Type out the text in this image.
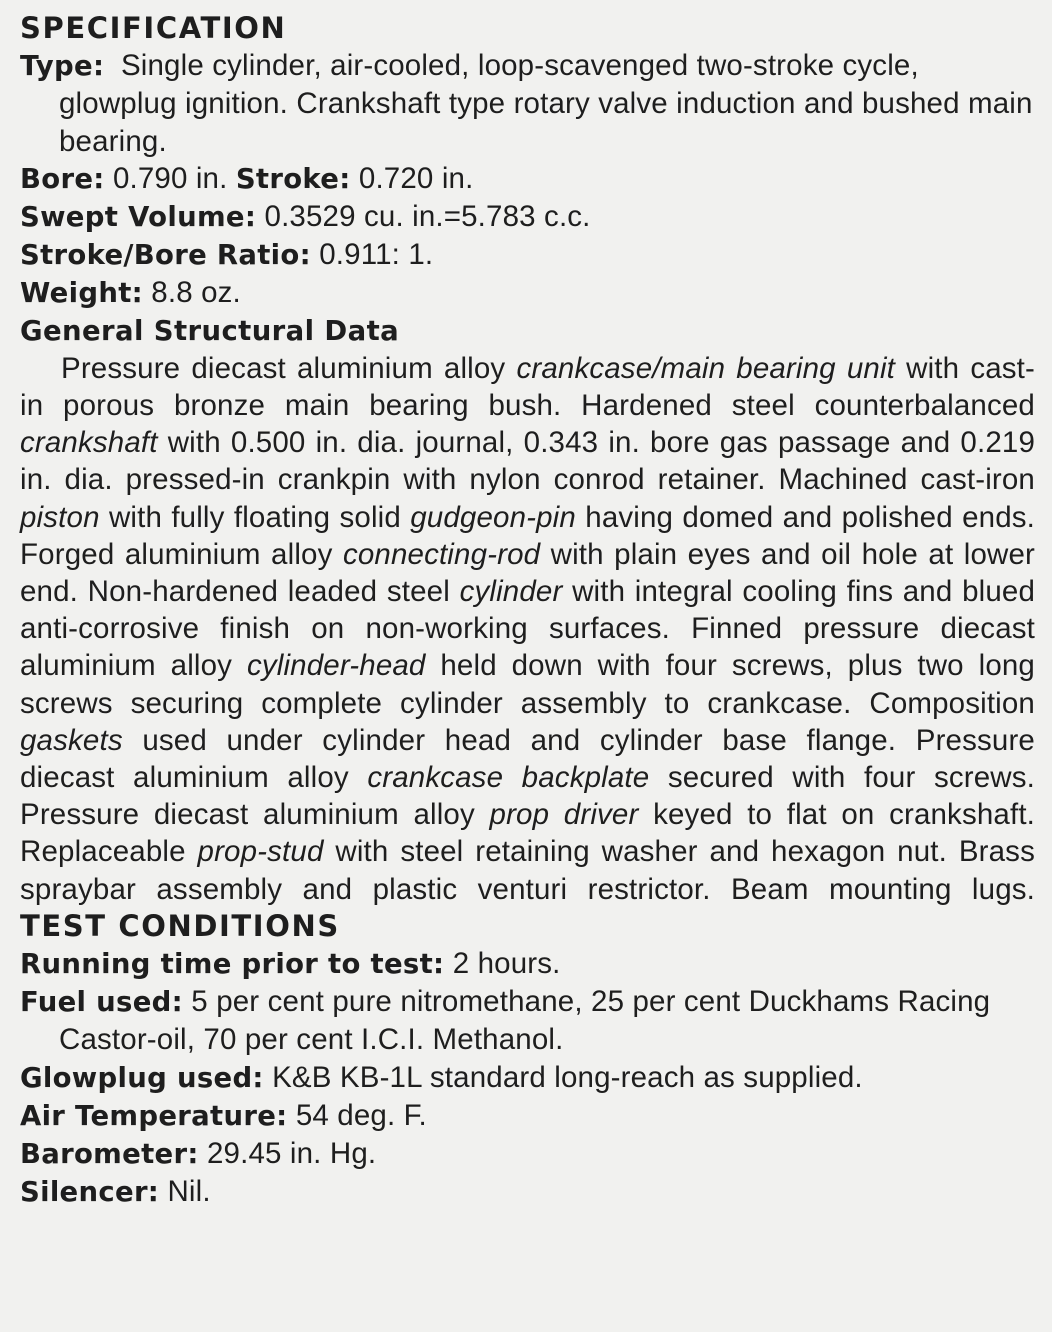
SPECIFICATION

Type: Single cylinder, air-cooled, loop-scavenged two-stroke cycle, glowplug ignition. Crankshaft type rotary valve induction and bushed main bearing.

Bore: 0.790 in. Stroke: 0.720 in.

Swept Volume: 0.3529 cu. in.=5.783 c.c.

Stroke/Bore Ratio: 0.911: 1.

Weight: 8.8 oz.

General Structural Data

Pressure diecast aluminium alloy crankcase/main bearing unit with cast-in porous bronze main bearing bush. Hardened steel counterbalanced crankshaft with 0.500 in. dia. journal, 0.343 in. bore gas passage and 0.219 in. dia. pressed-in crankpin with nylon conrod retainer. Machined cast-iron piston with fully floating solid gudgeon-pin having domed and polished ends. Forged aluminium alloy connecting-rod with plain eyes and oil hole at lower end. Non-hardened leaded steel cylinder with integral cooling fins and blued anti-corrosive finish on non-working surfaces. Finned pressure diecast aluminium alloy cylinder-head held down with four screws, plus two long screws securing complete cylinder assembly to crankcase. Composition gaskets used under cylinder head and cylinder base flange. Pressure diecast aluminium alloy crankcase backplate secured with four screws. Pressure diecast aluminium alloy prop driver keyed to flat on crankshaft. Replaceable prop-stud with steel retaining washer and hexagon nut. Brass spraybar assembly and plastic venturi restrictor. Beam mounting lugs.

TEST CONDITIONS

Running time prior to test: 2 hours.

Fuel used: 5 per cent pure nitromethane, 25 per cent Duckhams Racing Castor-oil, 70 per cent I.C.I. Methanol.

Glowplug used: K&B KB-1L standard long-reach as supplied.

Air Temperature: 54 deg. F.

Barometer: 29.45 in. Hg.

Silencer: Nil.
